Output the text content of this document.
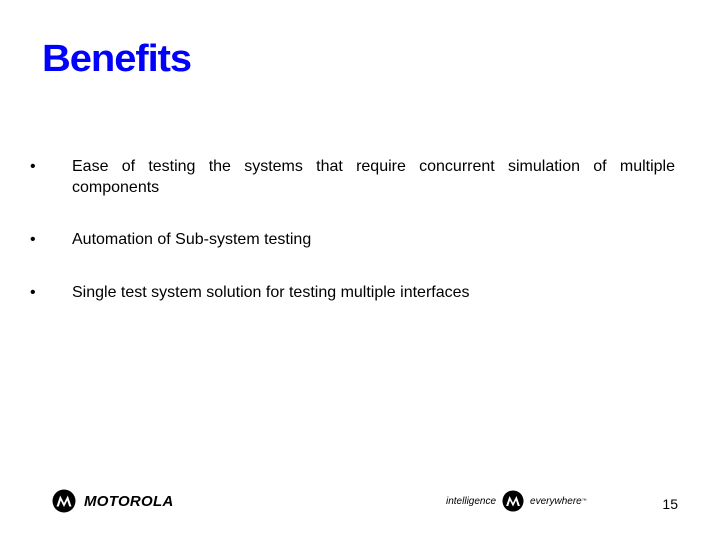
Benefits
•	Ease of testing the systems that require concurrent simulation of multiple components
•	Automation of Sub-system testing
•	Single test system solution for testing multiple interfaces
MOTOROLA	intelligence	everywhere ™	15
